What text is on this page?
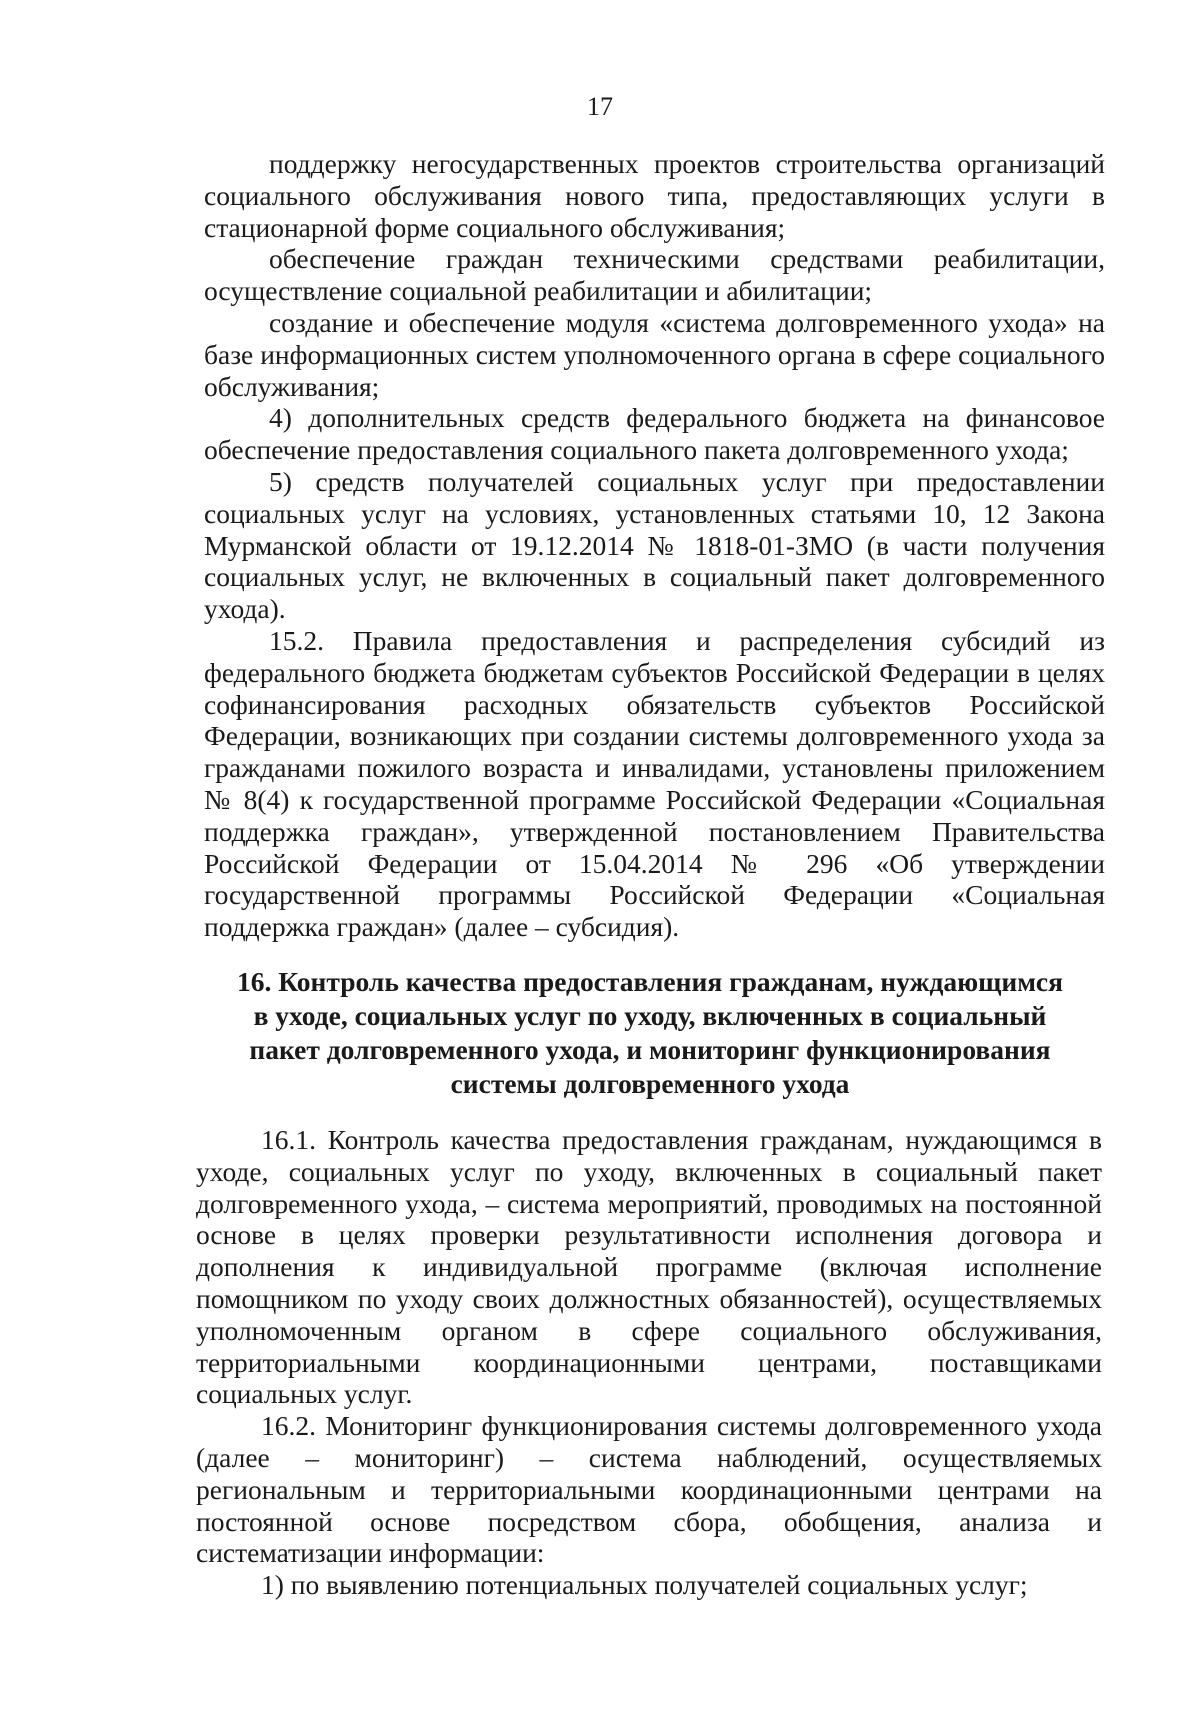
17

поддержку негосударственных проектов строительства организаций социального обслуживания нового типа, предоставляющих услуги в стационарной форме социального обслуживания;

обеспечение граждан техническими средствами реабилитации, осуществление социальной реабилитации и абилитации;

создание и обеспечение модуля «система долговременного ухода» на базе информационных систем уполномоченного органа в сфере социального обслуживания;

4) дополнительных средств федерального бюджета на финансовое обеспечение предоставления социального пакета долговременного ухода;

5) средств получателей социальных услуг при предоставлении социальных услуг на условиях, установленных статьями 10, 12 Закона Мурманской области от 19.12.2014 № 1818-01-ЗМО (в части получения социальных услуг, не включенных в социальный пакет долговременного ухода).

15.2. Правила предоставления и распределения субсидий из федерального бюджета бюджетам субъектов Российской Федерации в целях софинансирования расходных обязательств субъектов Российской Федерации, возникающих при создании системы долговременного ухода за гражданами пожилого возраста и инвалидами, установлены приложением № 8(4) к государственной программе Российской Федерации «Социальная поддержка граждан», утвержденной постановлением Правительства Российской Федерации от 15.04.2014 № 296 «Об утверждении государственной программы Российской Федерации «Социальная поддержка граждан» (далее – субсидия).

16. Контроль качества предоставления гражданам, нуждающимся
в уходе, социальных услуг по уходу, включенных в социальный
пакет долговременного ухода, и мониторинг функционирования
системы долговременного ухода

16.1. Контроль качества предоставления гражданам, нуждающимся в уходе, социальных услуг по уходу, включенных в социальный пакет долговременного ухода, – система мероприятий, проводимых на постоянной основе в целях проверки результативности исполнения договора и дополнения к индивидуальной программе (включая исполнение помощником по уходу своих должностных обязанностей), осуществляемых уполномоченным органом в сфере социального обслуживания, территориальными координационными центрами, поставщиками социальных услуг.

16.2. Мониторинг функционирования системы долговременного ухода (далее – мониторинг) – система наблюдений, осуществляемых региональным и территориальными координационными центрами на постоянной основе посредством сбора, обобщения, анализа и систематизации информации:

1) по выявлению потенциальных получателей социальных услуг;
